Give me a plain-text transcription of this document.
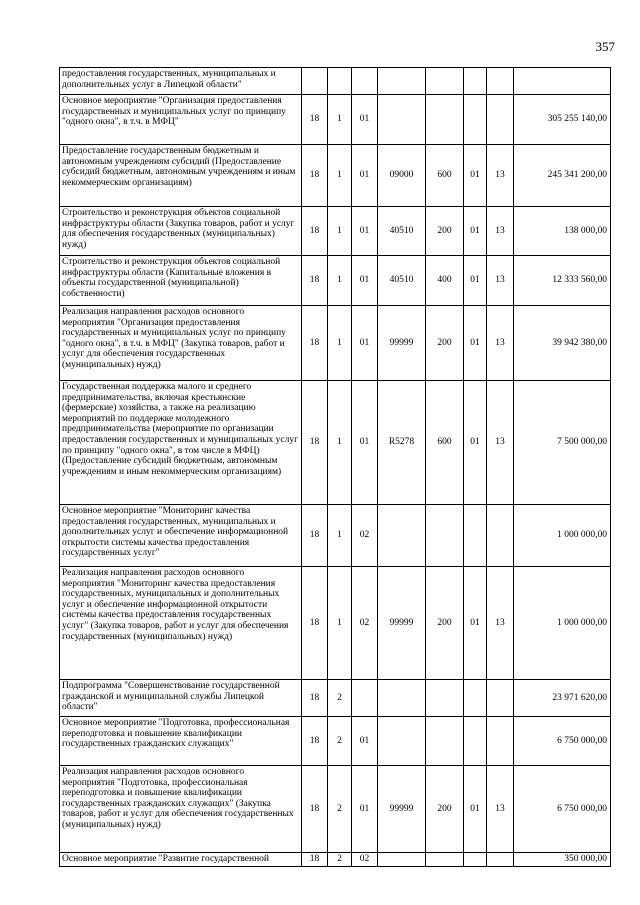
357
предоставления государственных, муниципальных и дополнительных услуг в Липецкой области"								
Основное мероприятие "Организация предоставления государственных и муниципальных услуг по принципу "одного окна", в т.ч. в МФЦ"	18	1	01					305 255 140,00
Предоставление государственным бюджетным и автономным учреждениям субсидий (Предоставление субсидий бюджетным, автономным учреждениям и иным некоммерческим организациям)	18	1	01	09000	600	01	13	245 341 200,00
Строительство и реконструкция объектов социальной инфраструктуры области (Закупка товаров, работ и услуг для обеспечения государственных (муниципальных) нужд)	18	1	01	40510	200	01	13	138 000,00
Строительство и реконструкция объектов социальной инфраструктуры области (Капитальные вложения в объекты государственной (муниципальной) собственности)	18	1	01	40510	400	01	13	12 333 560,00
Реализация направления расходов основного мероприятия "Организация предоставления государственных и муниципальных услуг по принципу "одного окна", в т.ч. в МФЦ" (Закупка товаров, работ и услуг для обеспечения государственных (муниципальных) нужд)	18	1	01	99999	200	01	13	39 942 380,00
Государственная поддержка малого и среднего предпринимательства, включая крестьянские (фермерские) хозяйства, а также на реализацию мероприятий по поддержке молодежного предпринимательства (мероприятие по организации предоставления государственных и муниципальных услуг по принципу "одного окна", в том числе в МФЦ) (Предоставление субсидий бюджетным, автономным учреждениям и иным некоммерческим организациям)	18	1	01	R5278	600	01	13	7 500 000,00
Основное мероприятие "Мониторинг качества предоставления государственных, муниципальных и дополнительных услуг и обеспечение информационной открытости системы качества предоставления государственных услуг"	18	1	02					1 000 000,00
Реализация направления расходов основного мероприятия "Мониторинг качества предоставления государственных, муниципальных и дополнительных услуг и обеспечение информационной открытости системы качества предоставления государственных услуг" (Закупка товаров, работ и услуг для обеспечения государственных (муниципальных) нужд)	18	1	02	99999	200	01	13	1 000 000,00
Подпрограмма "Совершенствование государственной гражданской и муниципальной службы Липецкой области"	18	2						23 971 620,00
Основное мероприятие "Подготовка, профессиональная переподготовка и повышение квалификации государственных гражданских служащих"	18	2	01					6 750 000,00
Реализация направления расходов основного мероприятия "Подготовка, профессиональная переподготовка и повышение квалификации государственных гражданских служащих" (Закупка товаров, работ и услуг для обеспечения государственных (муниципальных) нужд)	18	2	01	99999	200	01	13	6 750 000,00
Основное мероприятие "Развитие государственной	18	2	02					350 000,00
